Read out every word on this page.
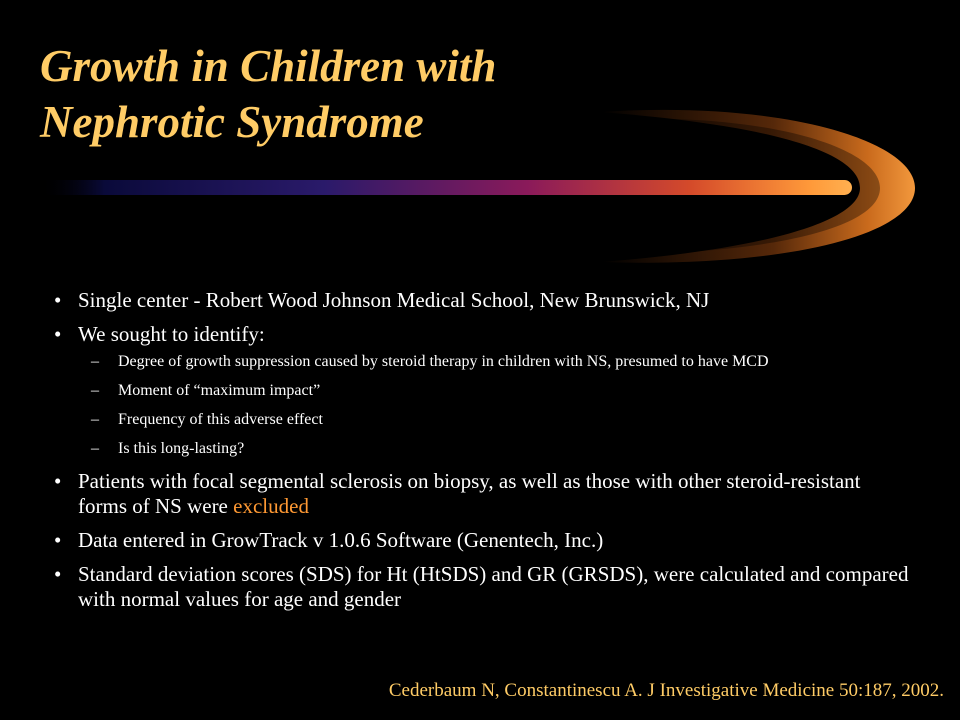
Growth in Children with
Nephrotic Syndrome
• Single center - Robert Wood Johnson Medical School, New Brunswick, NJ
• We sought to identify:
– Degree of growth suppression caused by steroid therapy in children with NS, presumed to have MCD
– Moment of “maximum impact”
– Frequency of this adverse effect
– Is this long-lasting?
• Patients with focal segmental sclerosis on biopsy, as well as those with other steroid-resistant forms of NS were excluded
• Data entered in GrowTrack v 1.0.6 Software (Genentech, Inc.)
• Standard deviation scores (SDS) for Ht (HtSDS) and GR (GRSDS), were calculated and compared with normal values for age and gender
Cederbaum N, Constantinescu A. J Investigative Medicine 50:187, 2002.
